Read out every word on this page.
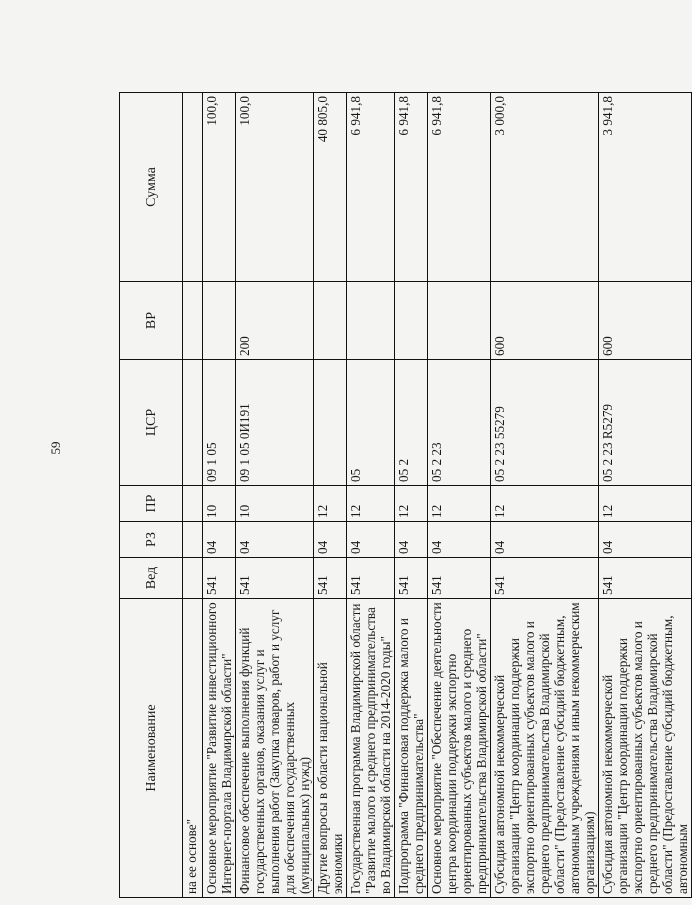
59
Наименование	Вед	РЗ	ПР	ЦСР	ВР	Сумма
на ее основе"						
Основное мероприятие "Развитие инвестиционного Интернет-портала Владимирской области"	541	04	10	09 1 05		100,0
Финансовое обеспечение выполнения функций государственных органов, оказания услуг и выполнения работ (Закупка товаров, работ и услуг для обеспечения государственных (муниципальных) нужд)	541	04	10	09 1 05 0И191	200	100,0
Другие вопросы в области национальной экономики	541	04	12			40 805,0
Государственная программа Владимирской области "Развитие малого и среднего предпринимательства во Владимирской области на 2014-2020 годы"	541	04	12	05		6 941,8
Подпрограмма "Финансовая поддержка малого и среднего предпринимательства"	541	04	12	05 2		6 941,8
Основное мероприятие "Обеспечение деятельности центра координации поддержки экспортно ориентированных субъектов малого и среднего предпринимательства Владимирской области"	541	04	12	05 2 23		6 941,8
Субсидия автономной некоммерческой организации "Центр координации поддержки экспортно ориентированных субъектов малого и среднего предпринимательства Владимирской области" (Предоставление субсидий бюджетным, автономным учреждениям и иным некоммерческим организациям)	541	04	12	05 2 23 55279	600	3 000,0
Субсидия автономной некоммерческой организации "Центр координации поддержки экспортно ориентированных субъектов малого и среднего предпринимательства Владимирской области" (Предоставление субсидий бюджетным, автономным	541	04	12	05 2 23 R5279	600	3 941,8
